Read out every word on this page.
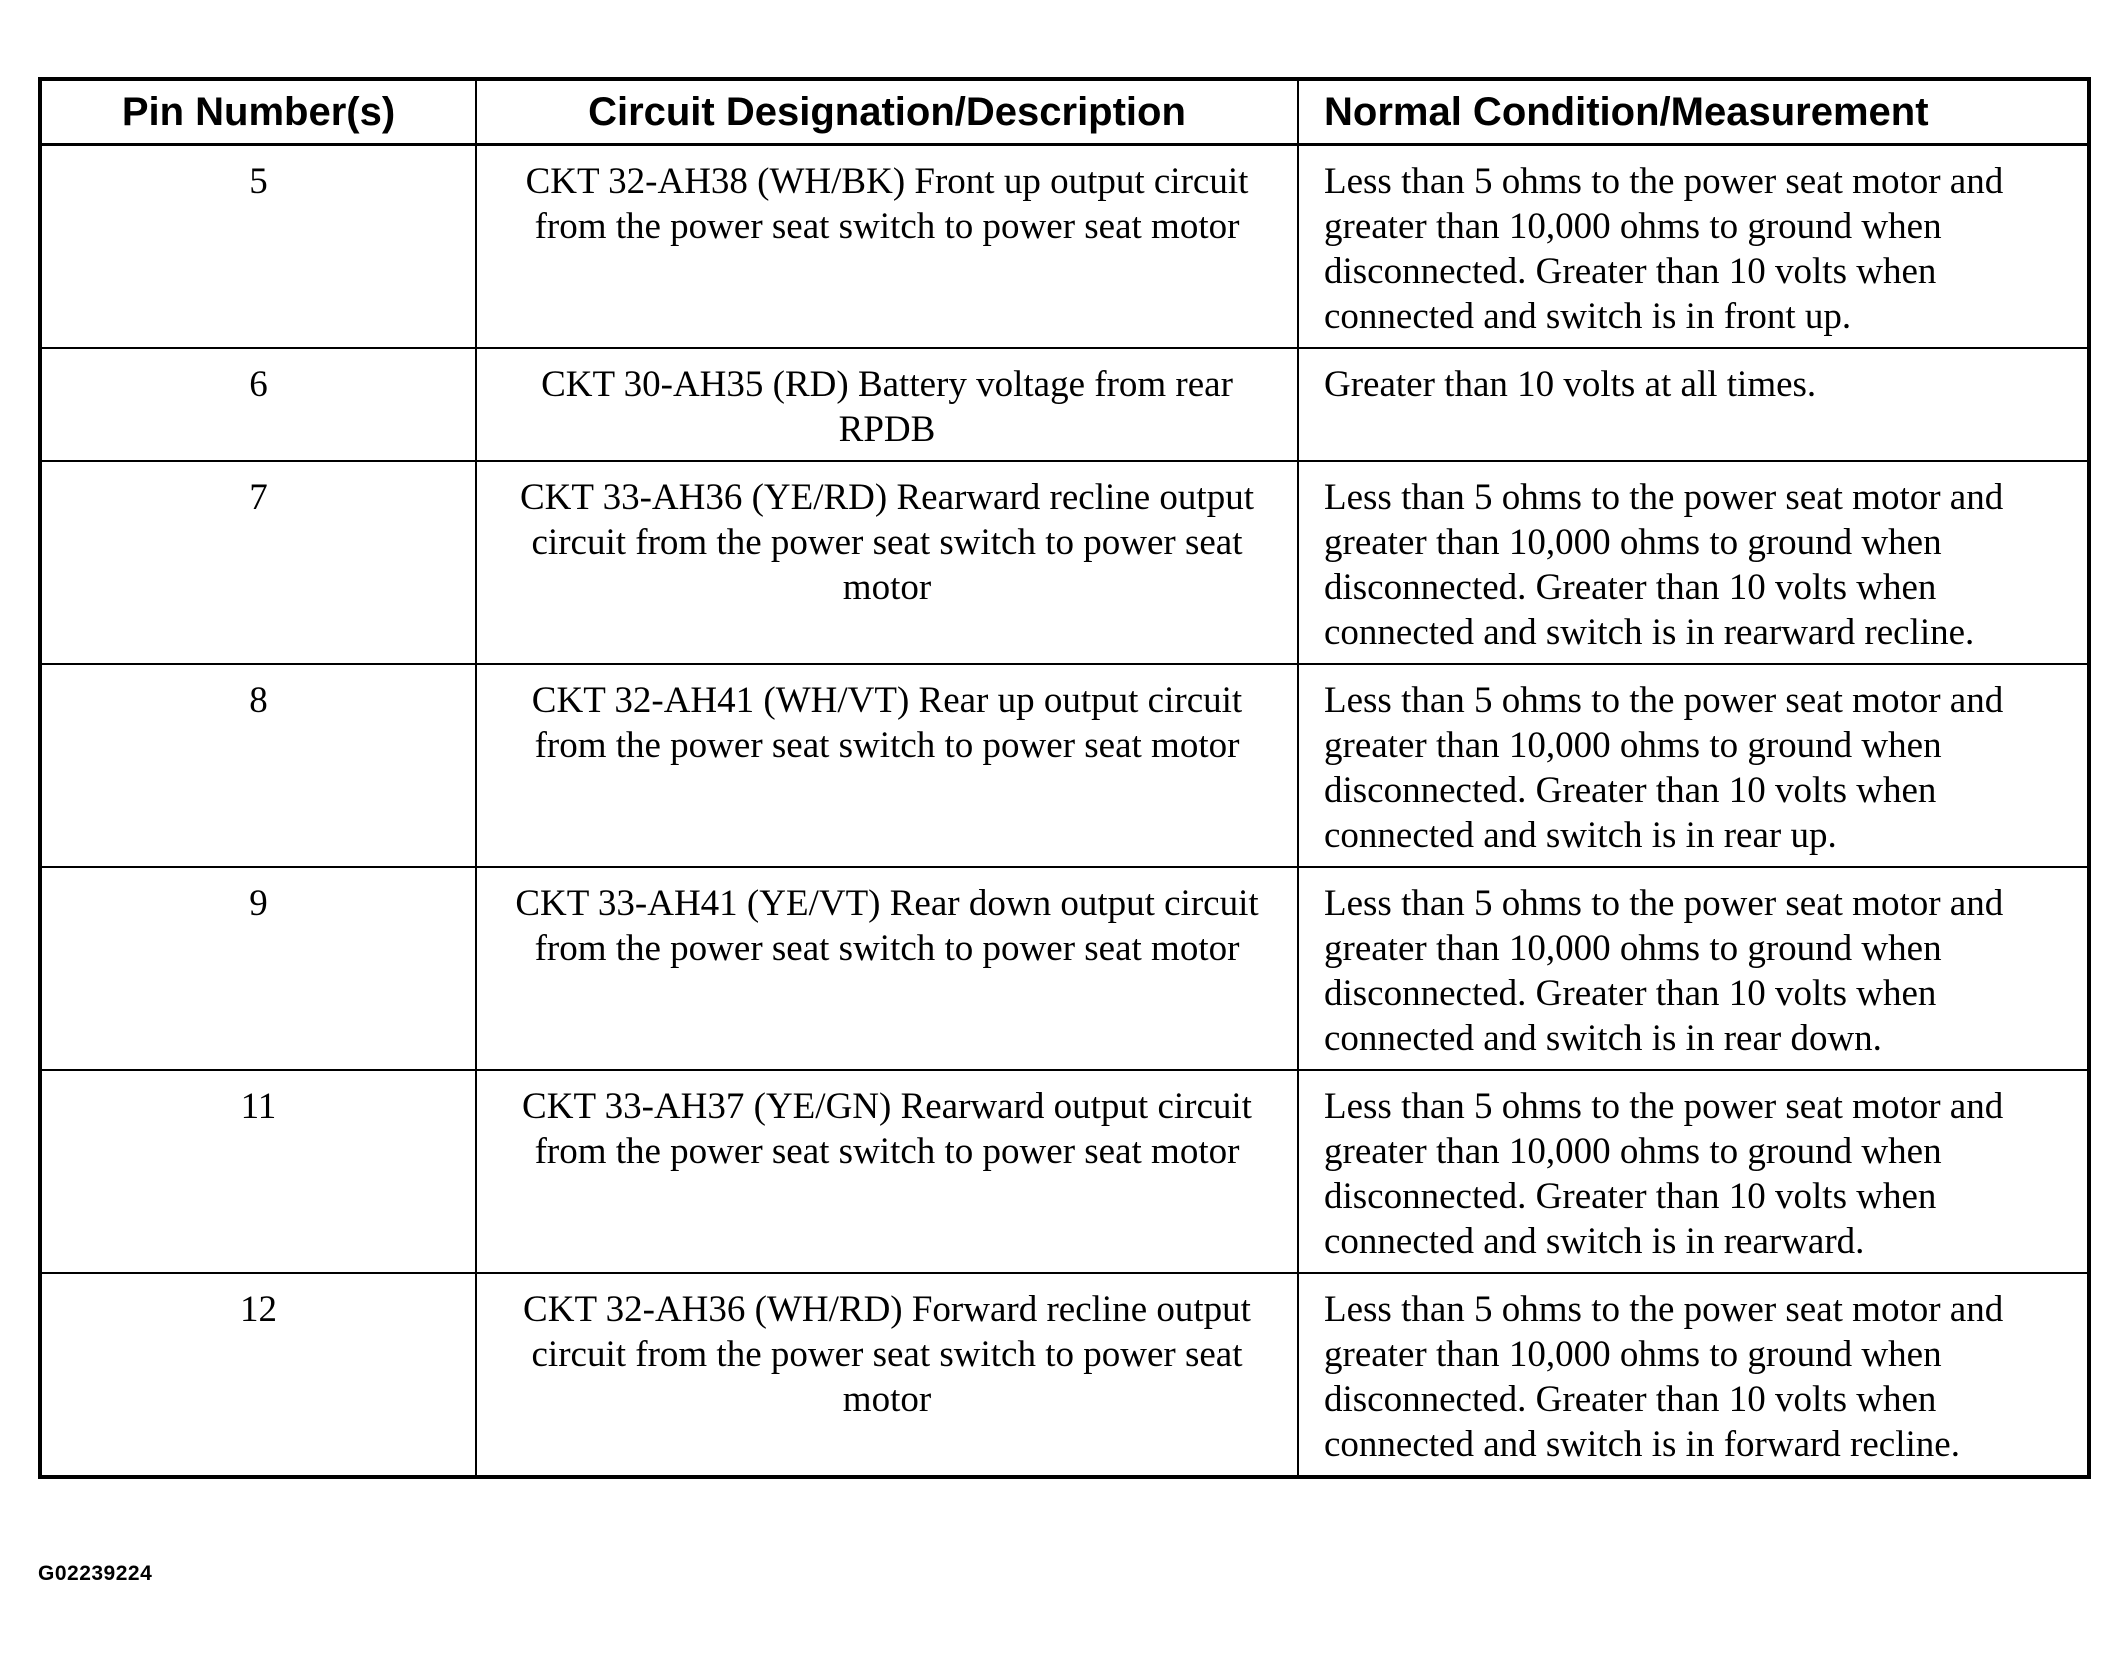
Pin Number(s)	Circuit Designation/Description	Normal Condition/Measurement
5	CKT 32-AH38 (WH/BK) Front up output circuit from the power seat switch to power seat motor	Less than 5 ohms to the power seat motor and greater than 10,000 ohms to ground when disconnected. Greater than 10 volts when connected and switch is in front up.
6	CKT 30-AH35 (RD) Battery voltage from rear RPDB	Greater than 10 volts at all times.
7	CKT 33-AH36 (YE/RD) Rearward recline output circuit from the power seat switch to power seat motor	Less than 5 ohms to the power seat motor and greater than 10,000 ohms to ground when disconnected. Greater than 10 volts when connected and switch is in rearward recline.
8	CKT 32-AH41 (WH/VT) Rear up output circuit from the power seat switch to power seat motor	Less than 5 ohms to the power seat motor and greater than 10,000 ohms to ground when disconnected. Greater than 10 volts when connected and switch is in rear up.
9	CKT 33-AH41 (YE/VT) Rear down output circuit from the power seat switch to power seat motor	Less than 5 ohms to the power seat motor and greater than 10,000 ohms to ground when disconnected. Greater than 10 volts when connected and switch is in rear down.
11	CKT 33-AH37 (YE/GN) Rearward output circuit from the power seat switch to power seat motor	Less than 5 ohms to the power seat motor and greater than 10,000 ohms to ground when disconnected. Greater than 10 volts when connected and switch is in rearward.
12	CKT 32-AH36 (WH/RD) Forward recline output circuit from the power seat switch to power seat motor	Less than 5 ohms to the power seat motor and greater than 10,000 ohms to ground when disconnected. Greater than 10 volts when connected and switch is in forward recline.
G02239224
